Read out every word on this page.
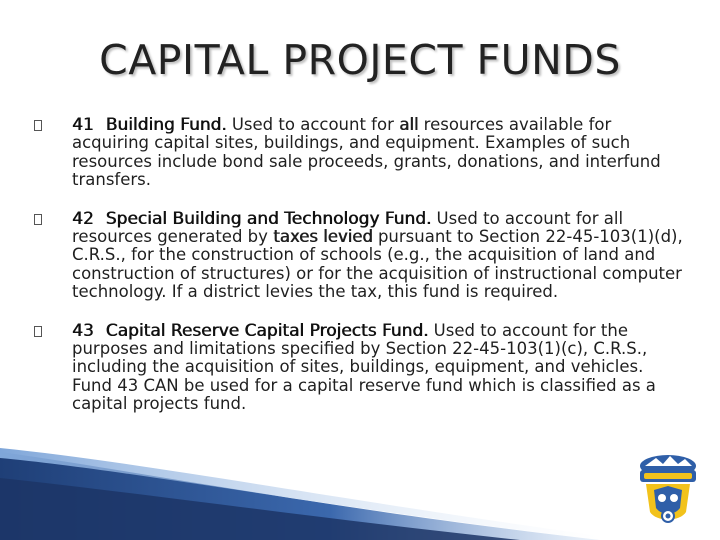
CAPITAL PROJECT FUNDS
41 Building Fund. Used to account for all resources available for acquiring capital sites, buildings, and equipment. Examples of such resources include bond sale proceeds, grants, donations, and interfund transfers.
42 Special Building and Technology Fund. Used to account for all resources generated by taxes levied pursuant to Section 22-45-103(1)(d), C.R.S., for the construction of schools (e.g., the acquisition of land and construction of structures) or for the acquisition of instructional computer technology. If a district levies the tax, this fund is required.
43 Capital Reserve Capital Projects Fund. Used to account for the purposes and limitations specified by Section 22-45-103(1)(c), C.R.S., including the acquisition of sites, buildings, equipment, and vehicles. Fund 43 CAN be used for a capital reserve fund which is classified as a capital projects fund.
